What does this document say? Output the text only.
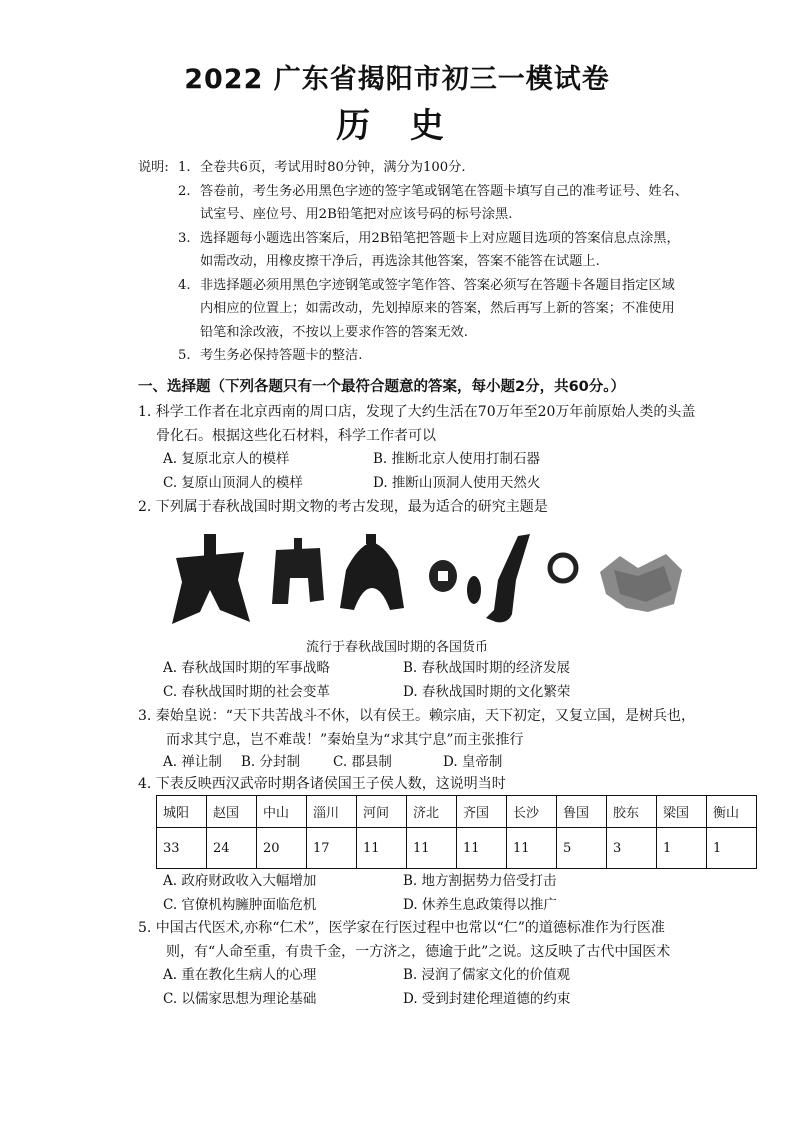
2022 广东省揭阳市初三一模试卷
历 史
说明: 1. 全卷共6页，考试用时80分钟，满分为100分.
2. 答卷前，考生务必用黑色字迹的签字笔或钢笔在答题卡填写自己的准考证号、姓名、
试室号、座位号、用2B铅笔把对应该号码的标号涂黑.
3. 选择题每小题选出答案后，用2B铅笔把答题卡上对应题目选项的答案信息点涂黑，
如需改动，用橡皮擦干净后，再选涂其他答案，答案不能答在试题上.
4. 非选择题必须用黑色字迹钢笔或签字笔作答、答案必须写在答题卡各题目指定区域
内相应的位置上；如需改动，先划掉原来的答案，然后再写上新的答案；不准使用
铅笔和涂改液，不按以上要求作答的答案无效.
5. 考生务必保持答题卡的整洁.
一、选择题（下列各题只有一个最符合题意的答案，每小题2分，共60分。）
1. 科学工作者在北京西南的周口店，发现了大约生活在70万年至20万年前原始人类的头盖
骨化石。根据这些化石材料，科学工作者可以
A. 复原北京人的模样	B. 推断北京人使用打制石器
C. 复原山顶洞人的模样	D. 推断山顶洞人使用天然火
2. 下列属于春秋战国时期文物的考古发现，最为适合的研究主题是
流行于春秋战国时期的各国货币
A. 春秋战国时期的军事战略	B. 春秋战国时期的经济发展
C. 春秋战国时期的社会变革	D. 春秋战国时期的文化繁荣
3. 秦始皇说：“天下共苦战斗不休，以有侯王。赖宗庙，天下初定，又复立国，是树兵也，
而求其宁息，岂不难哉！”秦始皇为“求其宁息”而主张推行
A. 禅让制	B. 分封制	C. 郡县制	D. 皇帝制
4. 下表反映西汉武帝时期各诸侯国王子侯人数，这说明当时
城阳	赵国	中山	淄川	河间	济北	齐国	长沙	鲁国	胶东	梁国	衡山
33	24	20	17	11	11	11	11	5	3	1	1
A. 政府财政收入大幅增加	B. 地方割据势力倍受打击
C. 官僚机构臃肿面临危机	D. 休养生息政策得以推广
5. 中国古代医术,亦称“仁术”，医学家在行医过程中也常以“仁”的道德标准作为行医准
则，有“人命至重，有贵千金，一方济之，德逾于此”之说。这反映了古代中国医术
A. 重在教化生病人的心理	B. 浸润了儒家文化的价值观
C. 以儒家思想为理论基础	D. 受到封建伦理道德的约束
